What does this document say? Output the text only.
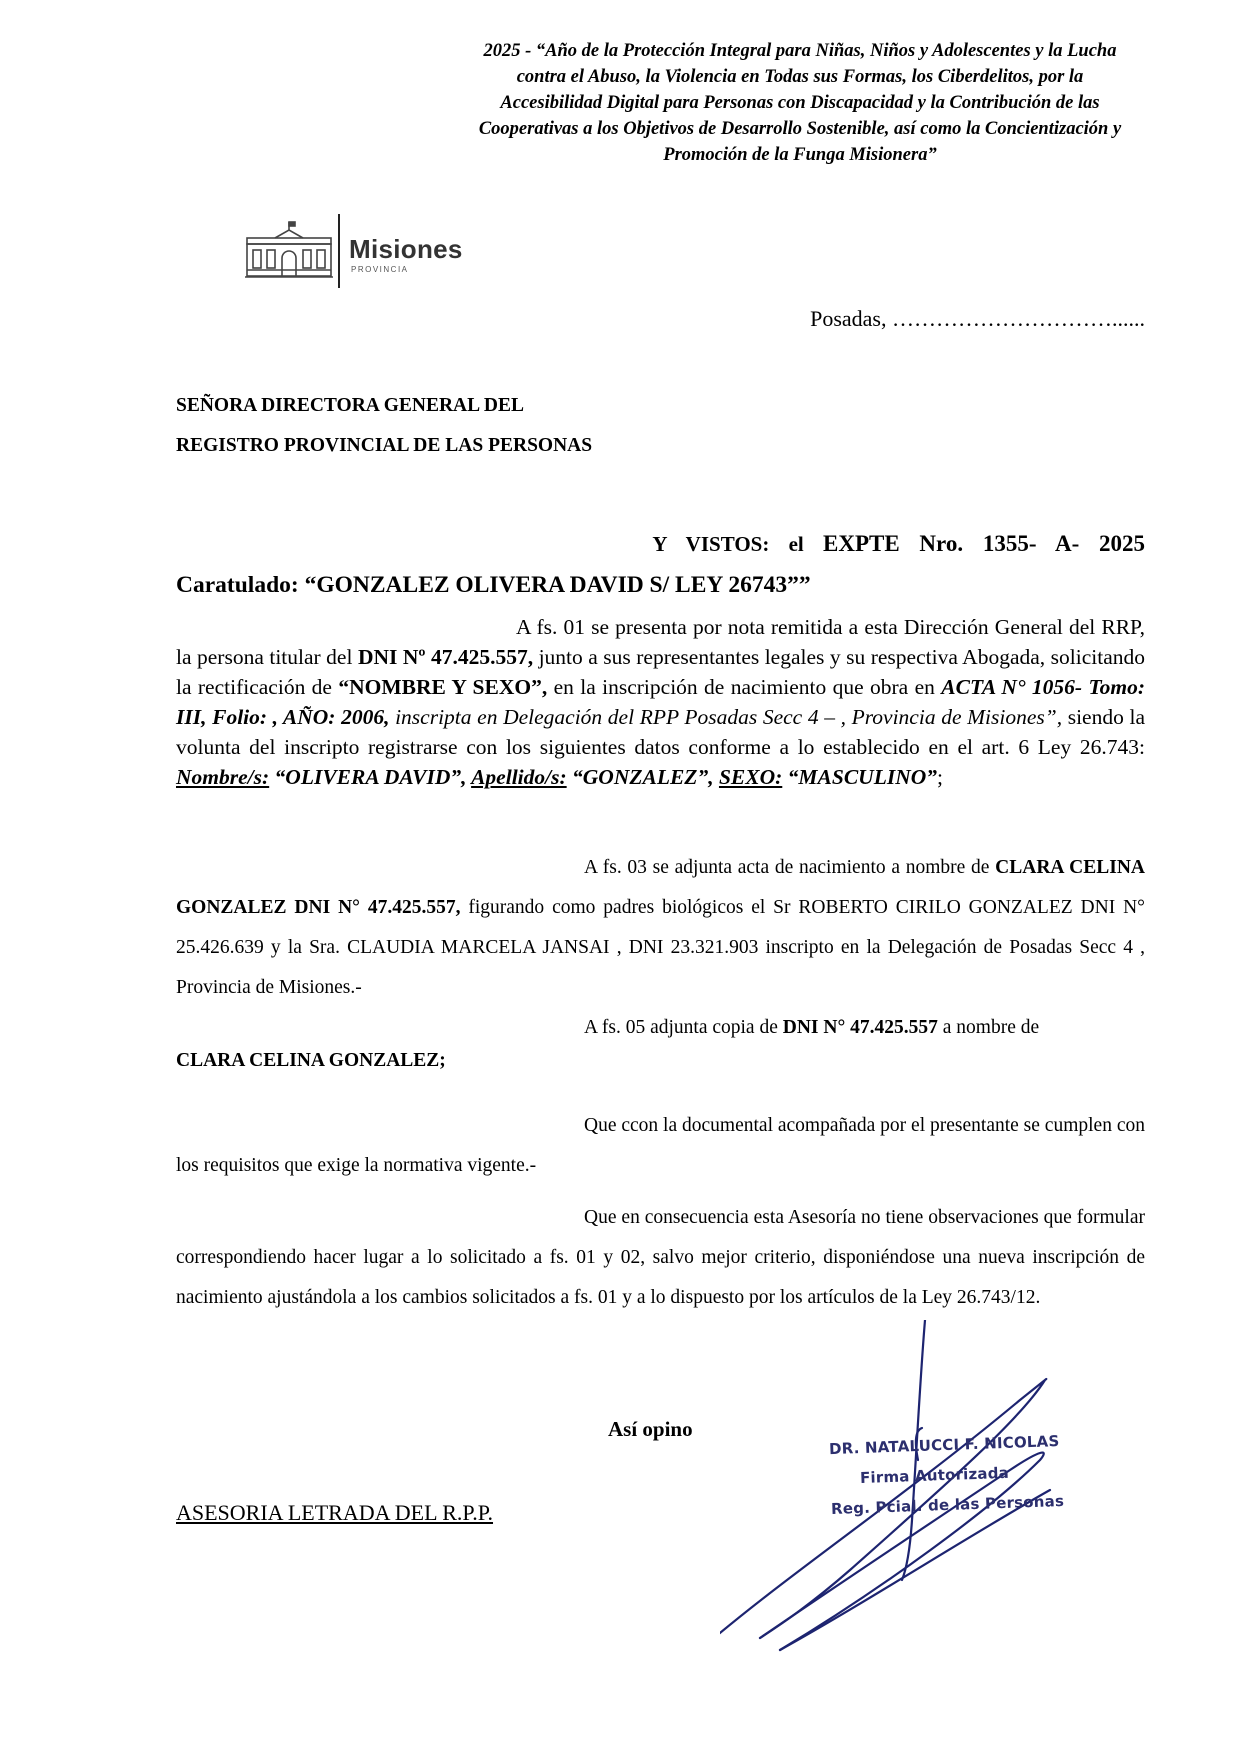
2025 - “Año de la Protección Integral para Niñas, Niños y Adolescentes y la Lucha
contra el Abuso, la Violencia en Todas sus Formas, los Ciberdelitos, por la
Accesibilidad Digital para Personas con Discapacidad y la Contribución de las
Cooperativas a los Objetivos de Desarrollo Sostenible, así como la Concientización y
Promoción de la Funga Misionera”
Misiones
PROVINCIA
Posadas, …………………………......
SEÑORA DIRECTORA GENERAL DEL
REGISTRO PROVINCIAL DE LAS PERSONAS
Y VISTOS: el EXPTE Nro. 1355- A- 2025
Caratulado: “GONZALEZ OLIVERA DAVID S/ LEY 26743””
A fs. 01 se presenta por nota remitida a esta Dirección General del RRP, la persona titular del DNI Nº 47.425.557, junto a sus representantes legales y su respectiva Abogada, solicitando la rectificación de “NOMBRE Y SEXO”, en la inscripción de nacimiento que obra en ACTA N° 1056- Tomo: III, Folio: , AÑO: 2006, inscripta en Delegación del RPP Posadas Secc 4 – , Provincia de Misiones”, siendo la volunta del inscripto registrarse con los siguientes datos conforme a lo establecido en el art. 6 Ley 26.743: Nombre/s: “OLIVERA DAVID”, Apellido/s: “GONZALEZ”, SEXO: “MASCULINO”;
A fs. 03 se adjunta acta de nacimiento a nombre de CLARA CELINA GONZALEZ DNI N° 47.425.557, figurando como padres biológicos el Sr ROBERTO CIRILO GONZALEZ DNI N° 25.426.639 y la Sra. CLAUDIA MARCELA JANSAI , DNI 23.321.903 inscripto en la Delegación de Posadas Secc 4 , Provincia de Misiones.-
A fs. 05 adjunta copia de DNI N° 47.425.557 a nombre de
CLARA CELINA GONZALEZ;
Que ccon la documental acompañada por el presentante se cumplen con los requisitos que exige la normativa vigente.-
Que en consecuencia esta Asesoría no tiene observaciones que formular correspondiendo hacer lugar a lo solicitado a fs. 01 y 02, salvo mejor criterio, disponiéndose una nueva inscripción de nacimiento ajustándola a los cambios solicitados a fs. 01 y a lo dispuesto por los artículos de la Ley 26.743/12.
Así opino
ASESORIA LETRADA DEL R.P.P.
DR. NATALUCCI F. NICOLAS
Firma Autorizada
Reg. Pcial. de las Personas
